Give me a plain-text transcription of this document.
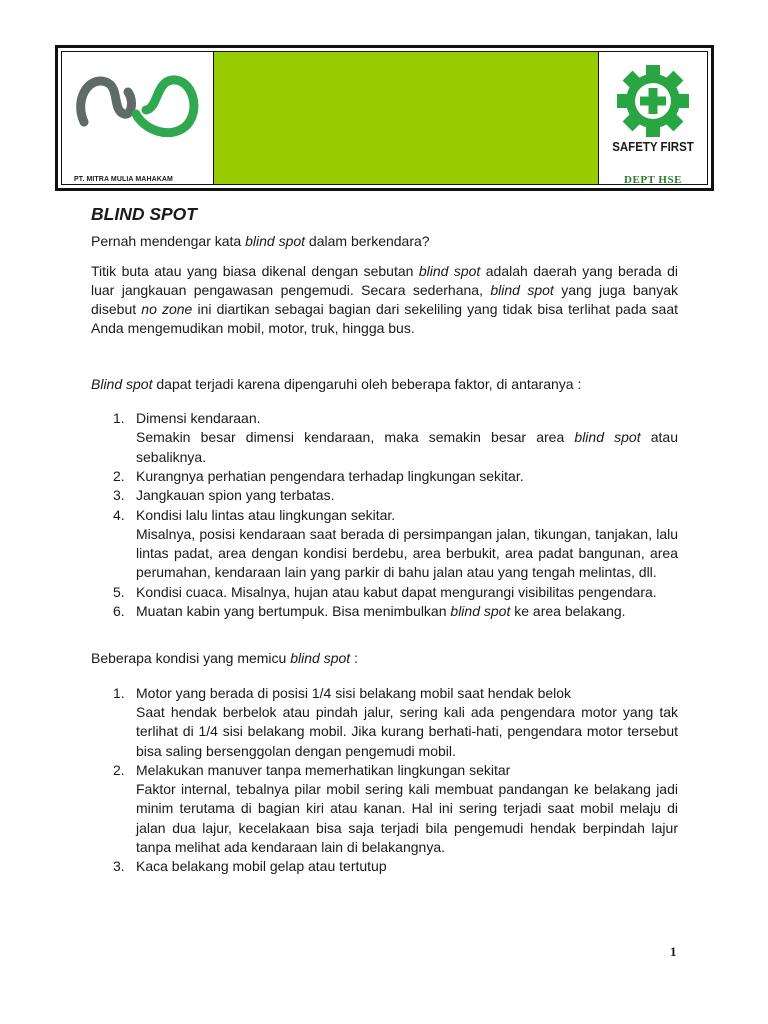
PT. MITRA MULIA MAHAKAM
SAFETY FIRST
DEPT HSE
BLIND SPOT

Pernah mendengar kata blind spot dalam berkendara?

Titik buta atau yang biasa dikenal dengan sebutan blind spot adalah daerah yang berada di luar jangkauan pengawasan pengemudi. Secara sederhana, blind spot yang juga banyak disebut no zone ini diartikan sebagai bagian dari sekeliling yang tidak bisa terlihat pada saat Anda mengemudikan mobil, motor, truk, hingga bus.

Blind spot dapat terjadi karena dipengaruhi oleh beberapa faktor, di antaranya :

1. Dimensi kendaraan.
Semakin besar dimensi kendaraan, maka semakin besar area blind spot atau sebaliknya.
2. Kurangnya perhatian pengendara terhadap lingkungan sekitar.
3. Jangkauan spion yang terbatas.
4. Kondisi lalu lintas atau lingkungan sekitar.
Misalnya, posisi kendaraan saat berada di persimpangan jalan, tikungan, tanjakan, lalu lintas padat, area dengan kondisi berdebu, area berbukit, area padat bangunan, area perumahan, kendaraan lain yang parkir di bahu jalan atau yang tengah melintas, dll.
5. Kondisi cuaca. Misalnya, hujan atau kabut dapat mengurangi visibilitas pengendara.
6. Muatan kabin yang bertumpuk. Bisa menimbulkan blind spot ke area belakang.

Beberapa kondisi yang memicu blind spot :

1. Motor yang berada di posisi 1/4 sisi belakang mobil saat hendak belok
Saat hendak berbelok atau pindah jalur, sering kali ada pengendara motor yang tak terlihat di 1/4 sisi belakang mobil. Jika kurang berhati-hati, pengendara motor tersebut bisa saling bersenggolan dengan pengemudi mobil.
2. Melakukan manuver tanpa memerhatikan lingkungan sekitar
Faktor internal, tebalnya pilar mobil sering kali membuat pandangan ke belakang jadi minim terutama di bagian kiri atau kanan. Hal ini sering terjadi saat mobil melaju di jalan dua lajur, kecelakaan bisa saja terjadi bila pengemudi hendak berpindah lajur tanpa melihat ada kendaraan lain di belakangnya.
3. Kaca belakang mobil gelap atau tertutup
1
